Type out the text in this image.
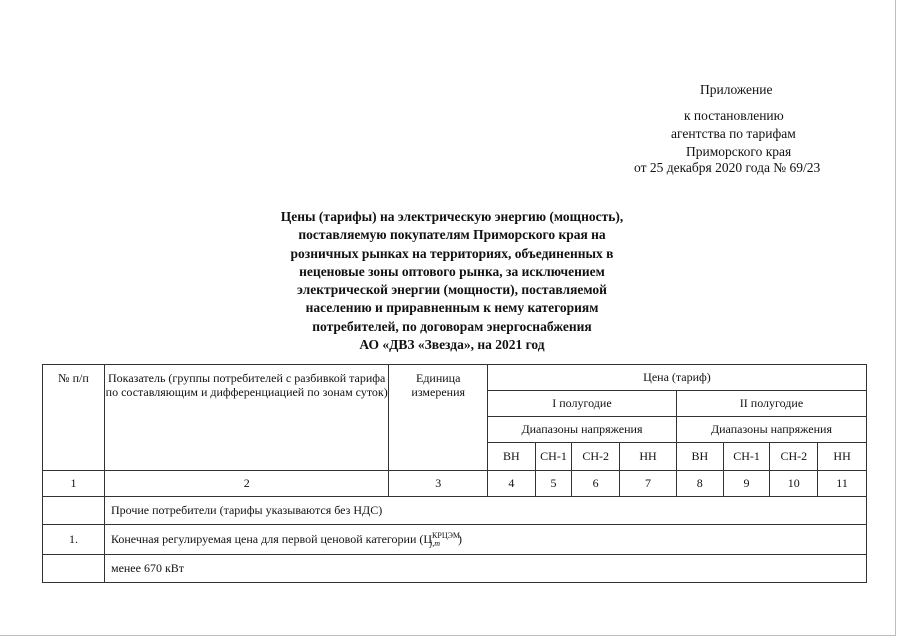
Приложение
к постановлению
агентства по тарифам
Приморского края
от 25 декабря 2020 года № 69/23
Цены (тарифы) на электрическую энергию (мощность),
поставляемую покупателям Приморского края на
розничных рынках на территориях, объединенных в
неценовые зоны оптового рынка, за исключением
электрической энергии (мощности), поставляемой
населению и приравненным к нему категориям
потребителей, по договорам энергоснабжения
АО «ДВЗ «Звезда», на 2021 год
№ п/п	Показатель (группы потребителей с разбивкой тарифа по составляющим и дифференциацией по зонам суток)	Единица измерения	Цена (тариф)							
			I полугодие				II полугодие			
			Диапазоны напряжения				Диапазоны напряжения			
			ВН	СН-1	СН-2	НН	ВН	СН-1	СН-2	НН
1	2	3	4	5	6	7	8	9	10	11
	Прочие потребители (тарифы указываются без НДС)									
1.	Конечная регулируемая цена для первой ценовой категории ($Ц^{КРЦЭМ}_{j,m}$ )									
	менее 670 кВт									
